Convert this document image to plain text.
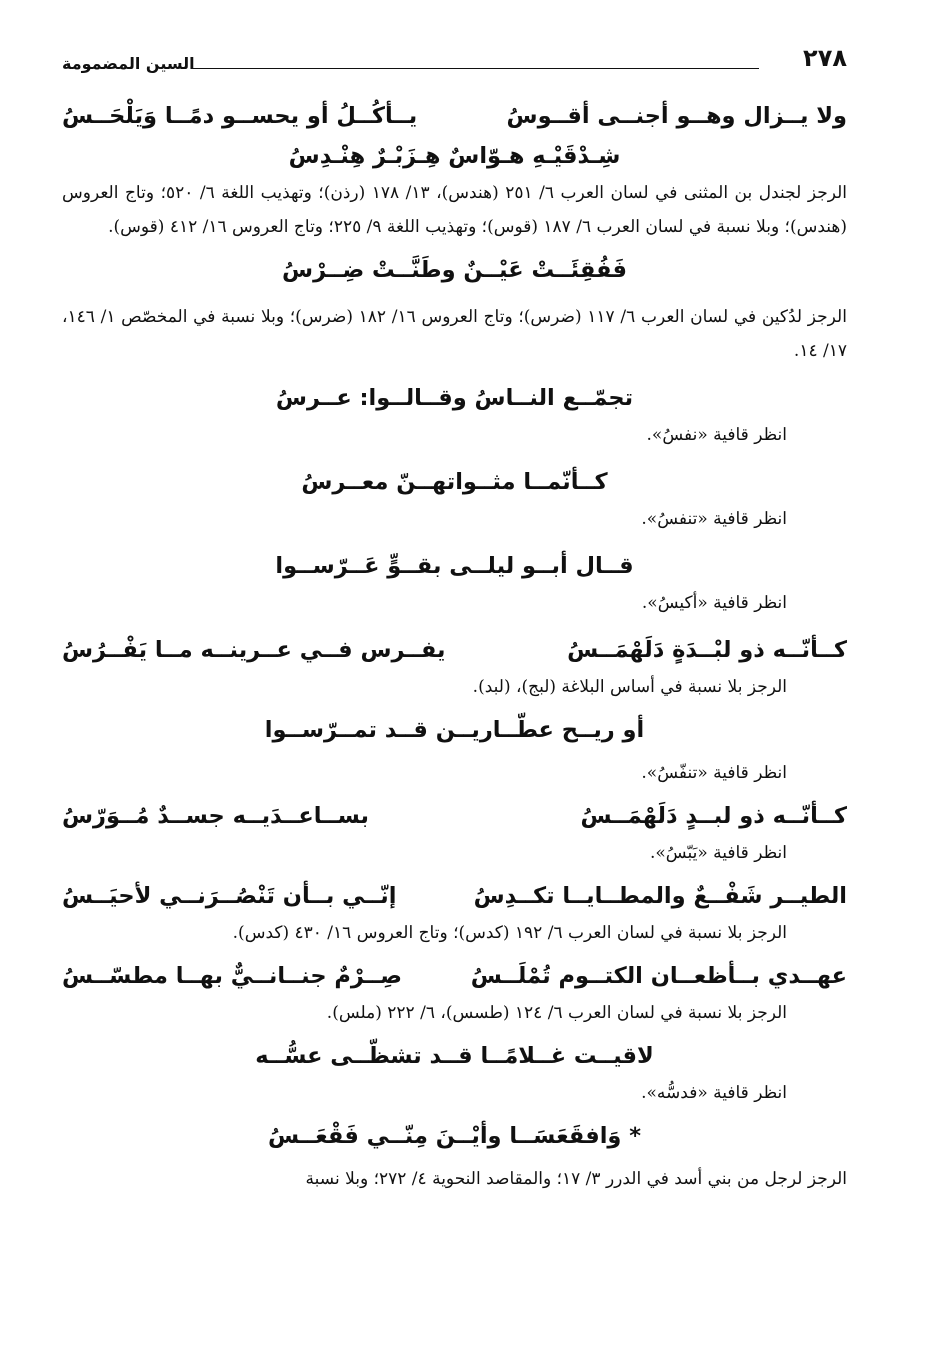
٢٧٨
السين المضمومة
ولا يــزال وهــو أجنــى أقــوسُ
يــأكُــلُ أو يحســو دمًــا وَيَلْحَــسُ
شِـدْقَيْـهِ هـوّاسٌ هِـزَبْـرٌ هِنْـدِسُ
الرجز لجندل بن المثنى في لسان العرب ٦/ ٢٥١ (هندس)، ١٣/ ١٧٨ (رذن)؛ وتهذيب اللغة ٦/ ٥٢٠؛ وتاج العروس (هندس)؛ وبلا نسبة في لسان العرب ٦/ ١٨٧ (قوس)؛ وتهذيب اللغة ٩/ ٢٢٥؛ وتاج العروس ١٦/ ٤١٢ (قوس).
فَفُقِئَــتْ عَيْــنٌ وطَنَّــتْ ضِــرْسُ
الرجز لدُكين في لسان العرب ٦/ ١١٧ (ضرس)؛ وتاج العروس ١٦/ ١٨٢ (ضرس)؛ وبلا نسبة في المخصّص ١/ ١٤٦، ١٧/ ١٤.
تجمّــع النــاسُ وقــالــوا: عــرسُ
انظر قافية «نفسُ».
كــأنّمــا مثــواتهــنّ معــرسُ
انظر قافية «تنفسُ».
قــال أبــو ليلــى بقــوٍّ عَــرّســوا
انظر قافية «أكيسُ».
كــأنّــه ذو لبْــدَةٍ دَلَهْمَــسُ
يفــرس فــي عــرينــه مــا يَفْــرُسُ
الرجز بلا نسبة في أساس البلاغة (لبج)، (لبد).
أو ريــح عطّــاريــن قــد تمــرّســوا
انظر قافية «تنفّسُ».
كــأنّــه ذو لبــدٍ دَلَهْمَــسُ
بســاعــدَيــه جســدٌ مُــوَرّسُ
انظر قافية «يَبّسُ».
الطيــر شَفْــعٌ والمطــايــا تكــدِسُ
إنّــي بــأن تَنْصُــرَنــي لأحيَــسُ
الرجز بلا نسبة في لسان العرب ٦/ ١٩٢ (كدس)؛ وتاج العروس ١٦/ ٤٣٠ (كدس).
عهــدي بــأظعــان الكتــوم تُمْلَــسُ
صِــرْمٌ جنــانــيٌّ بهــا مطسّــسُ
الرجز بلا نسبة في لسان العرب ٦/ ١٢٤ (طسس)، ٦/ ٢٢٢ (ملس).
لاقيــت غــلامًــا قــد تشظّــى عسُّــه
انظر قافية «فدسُّه».
* وَافقَعَسَــا وأيْــنَ مِنّــي فَقْعَــسُ
الرجز لرجل من بني أسد في الدرر ٣/ ١٧؛ والمقاصد النحوية ٤/ ٢٧٢؛ وبلا نسبة
